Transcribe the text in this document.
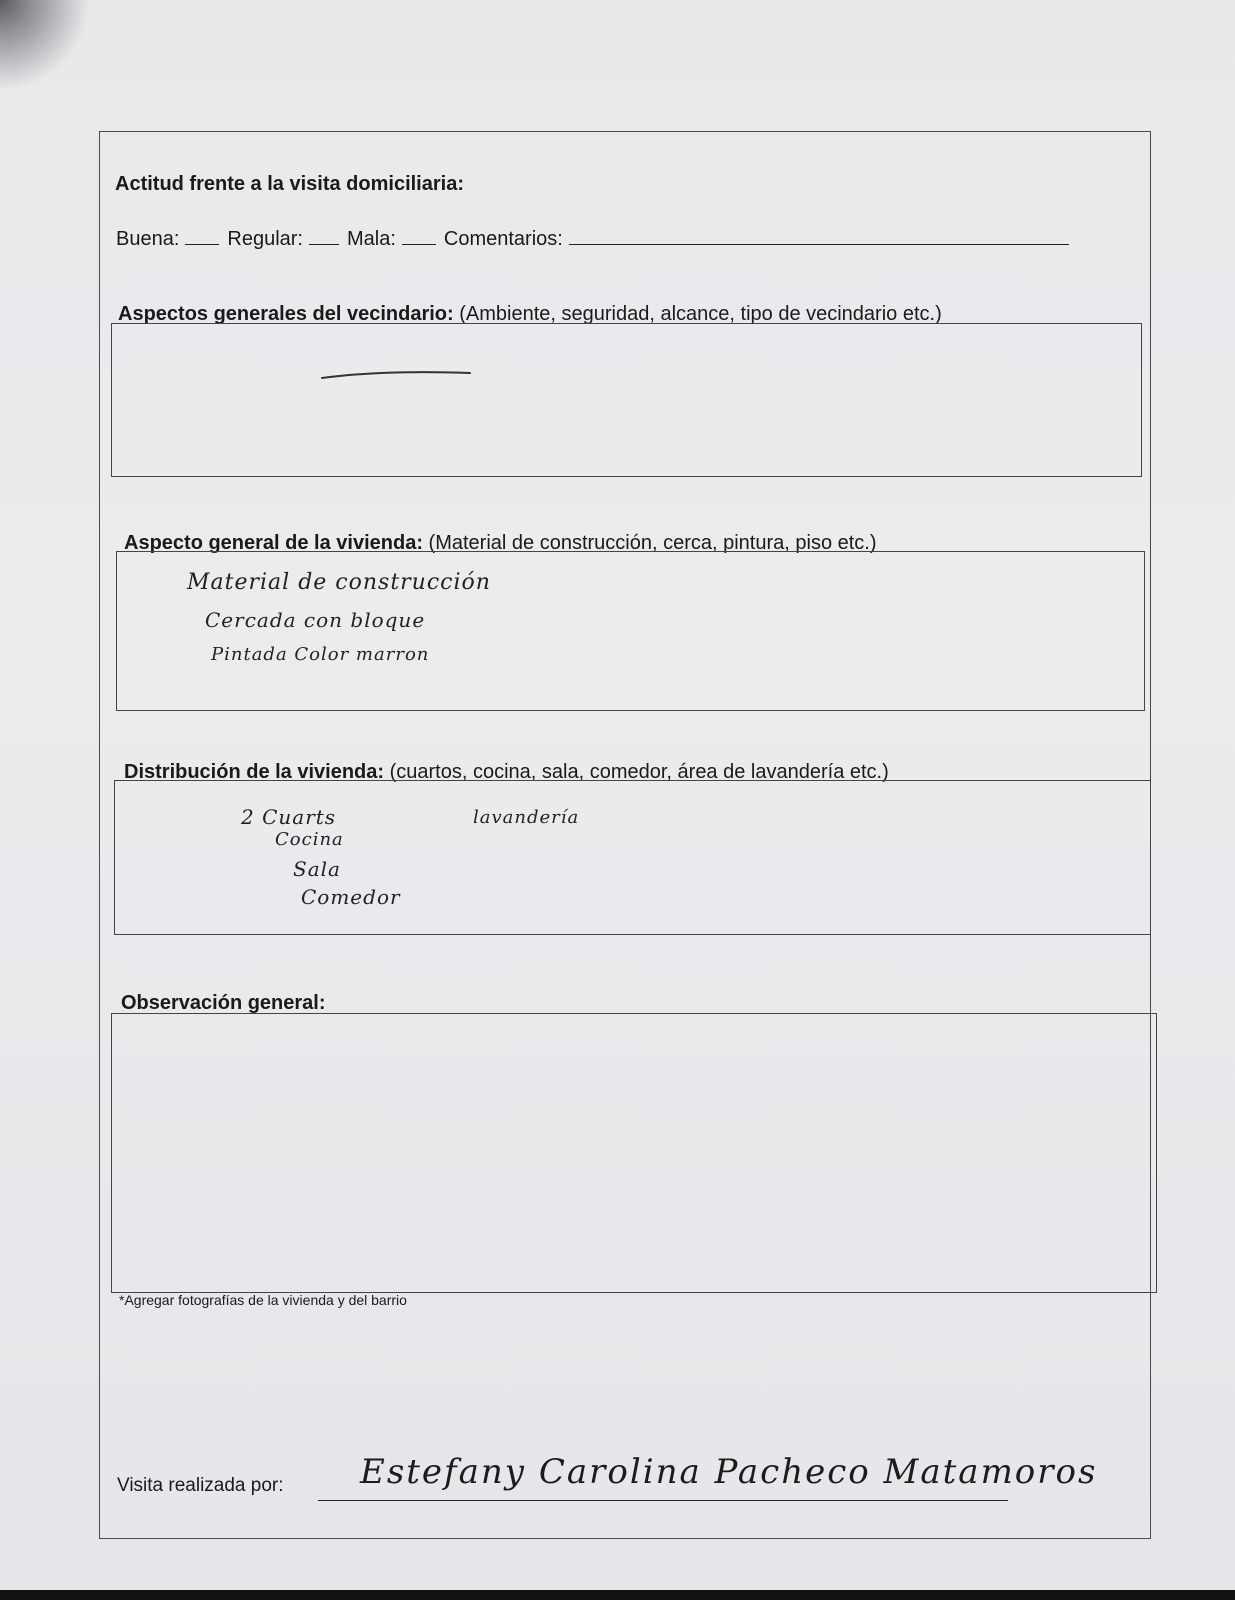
Actitud frente a la visita domiciliaria:
Buena: Regular: Mala: Comentarios:
Aspectos generales del vecindario: (Ambiente, seguridad, alcance, tipo de vecindario etc.)
Aspecto general de la vivienda: (Material de construcción, cerca, pintura, piso etc.)
Material de construcción
Cercada con bloque
Pintada Color marron
Distribución de la vivienda: (cuartos, cocina, sala, comedor, área de lavandería etc.)
2 Cuarts
Cocina
Sala
Comedor
lavandería
Observación general:
*Agregar fotografías de la vivienda y del barrio
Visita realizada por: Estefany Carolina Pacheco Matamoros
